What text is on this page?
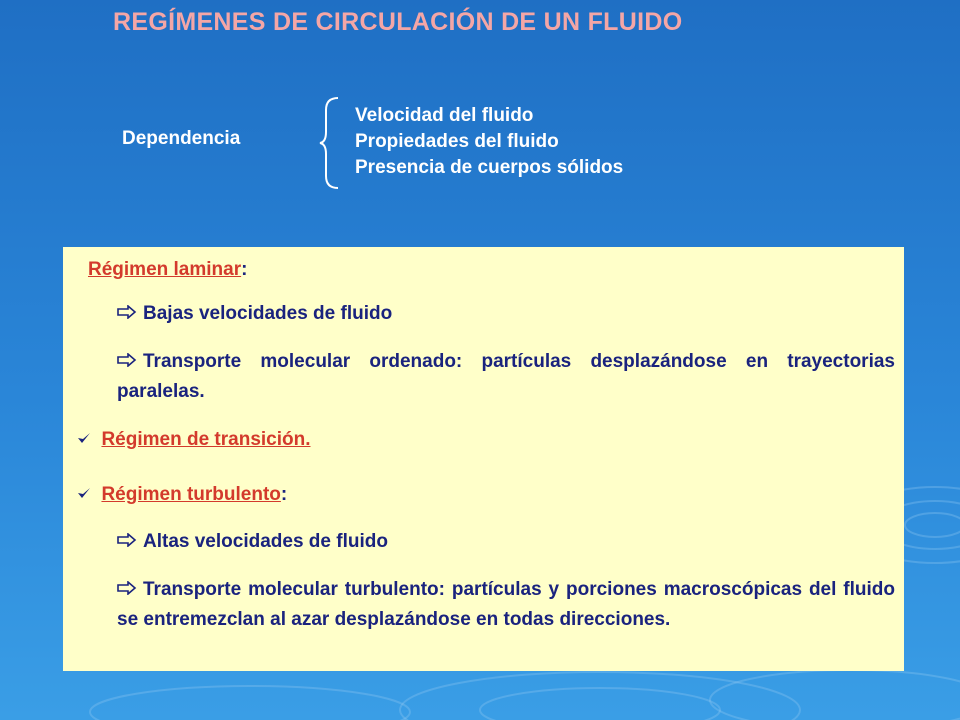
REGÍMENES DE CIRCULACIÓN DE UN FLUIDO
Dependencia
Velocidad del fluido
Propiedades del fluido
Presencia de cuerpos sólidos
Régimen laminar:
Bajas velocidades de fluido
Transporte molecular ordenado: partículas desplazándose en trayectorias paralelas.
Régimen de transición.
Régimen turbulento:
Altas velocidades de fluido
Transporte molecular turbulento: partículas y porciones macroscópicas del fluido se entremezclan al azar desplazándose en todas direcciones.
